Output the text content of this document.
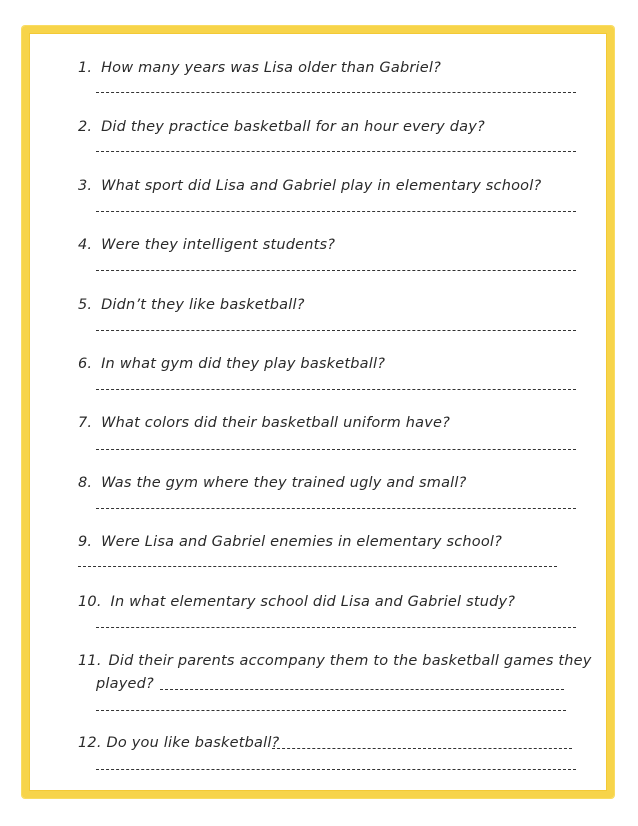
1. How many years was Lisa older than Gabriel?
2. Did they practice basketball for an hour every day?
3. What sport did Lisa and Gabriel play in elementary school?
4. Were they intelligent students?
5. Didn’t they like basketball?
6. In what gym did they play basketball?
7. What colors did their basketball uniform have?
8. Was the gym where they trained ugly and small?
9. Were Lisa and Gabriel enemies in elementary school?
10. In what elementary school did Lisa and Gabriel study?
11. Did their parents accompany them to the basketball games they
played?
12. Do you like basketball?
